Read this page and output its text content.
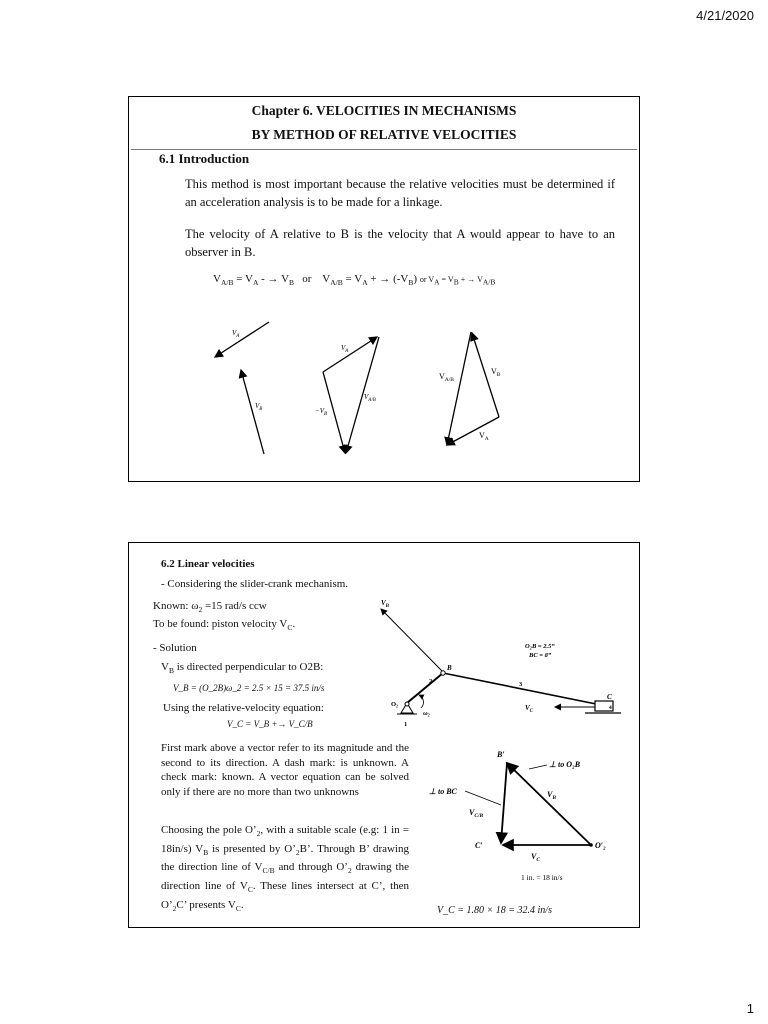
4/21/2020
Chapter 6. VELOCITIES IN MECHANISMS
BY METHOD OF RELATIVE VELOCITIES
6.1 Introduction
This method is most important because the relative velocities must be determined if an acceleration analysis is to be made for a linkage.
The velocity of A relative to B is the velocity that A would appear to have to an observer in B.
$V_{A/B} = V_A$ - → $V_B$ or $V_{A/B} = V_A$ + → $(-V_B)$ or $V_A = V_B$ + → $V_{A/B}$
$V_A$
$V_B$
$V_A$
$-V_B$
$V_{A/B}$
$V_{A/B}$
$V_B$
$V_A$
6.2 Linear velocities
- Considering the slider-crank mechanism.
Known: $\omega_2 =15$ rad/s ccw
To be found: piston velocity $V_C$.
- Solution
$V_B$ is directed perpendicular to O2B:
V_B = (O_2B)ω_2 = 2.5 × 15 = 37.5 in/s
Using the relative-velocity equation:
V_C = V_B +→ V_C/B
First mark above a vector refer to its magnitude and the second to its direction. A dash mark: is unknown. A check mark: known. A vector equation can be solved only if there are no more than two unknowns
Choosing the pole $O’_2$, with a suitable scale (e.g: 1 in = 18in/s) $V_B$ is presented by $O’_2B$’. Through B’ drawing the direction line of $V_{C/B}$ and through $O’_2$ drawing the direction line of $V_C$. These lines intersect at C’, then $O’_2C$’ presents $V_C$.	V_C = 1.80 × 18 = 32.4 in/s
$V_B$
O₂B = 2.5”
BC = 8”
B
2	3
O₂
ω₂
1
C
4
$V_C$
B′
⊥ to O₂B
⊥ to BC	$V_B$
$V_{C/B}$
C′	O′₂
$V_C$
1 in. = 18 in/s
1
